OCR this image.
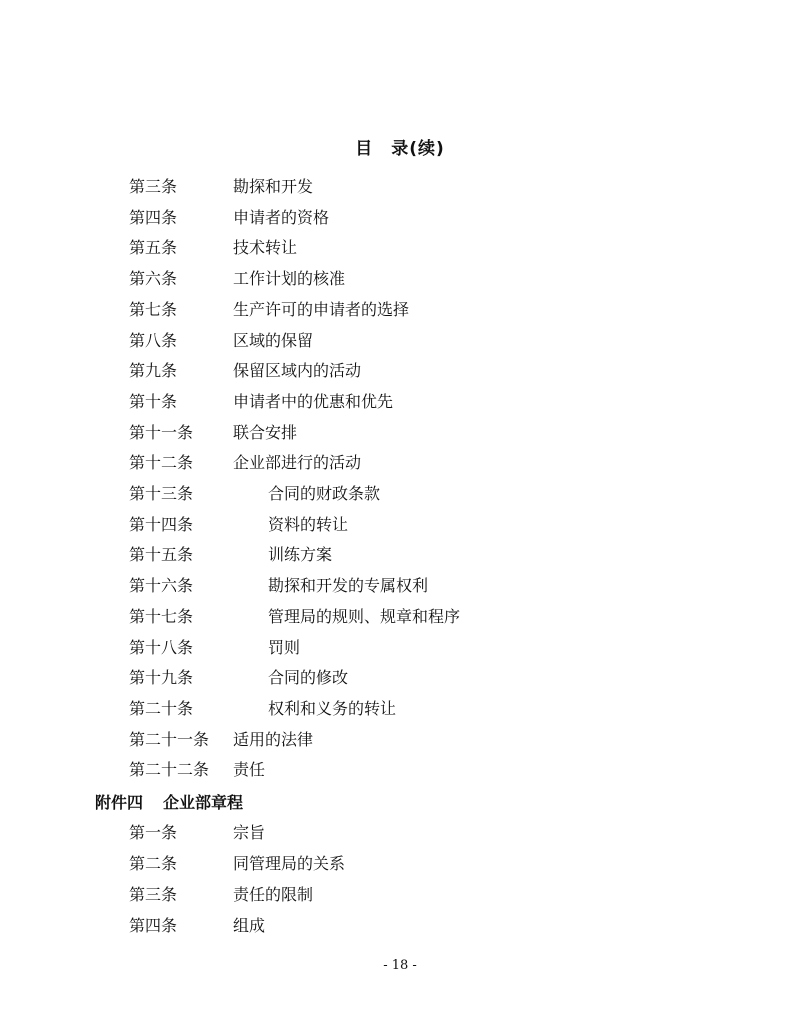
目　录(续)
第三条	勘探和开发
第四条	申请者的资格
第五条	技术转让
第六条	工作计划的核准
第七条	生产许可的申请者的选择
第八条	区域的保留
第九条	保留区域内的活动
第十条	申请者中的优惠和优先
第十一条 联合安排
第十二条 企业部进行的活动
第十三条	合同的财政条款
第十四条	资料的转让
第十五条	训练方案
第十六条	勘探和开发的专属权利
第十七条	管理局的规则、规章和程序
第十八条	罚则
第十九条	合同的修改
第二十条	权利和义务的转让
第二十一条 适用的法律
第二十二条 责任
附件四 企业部章程
第一条	宗旨
第二条	同管理局的关系
第三条	责任的限制
第四条	组成
- 18 -
